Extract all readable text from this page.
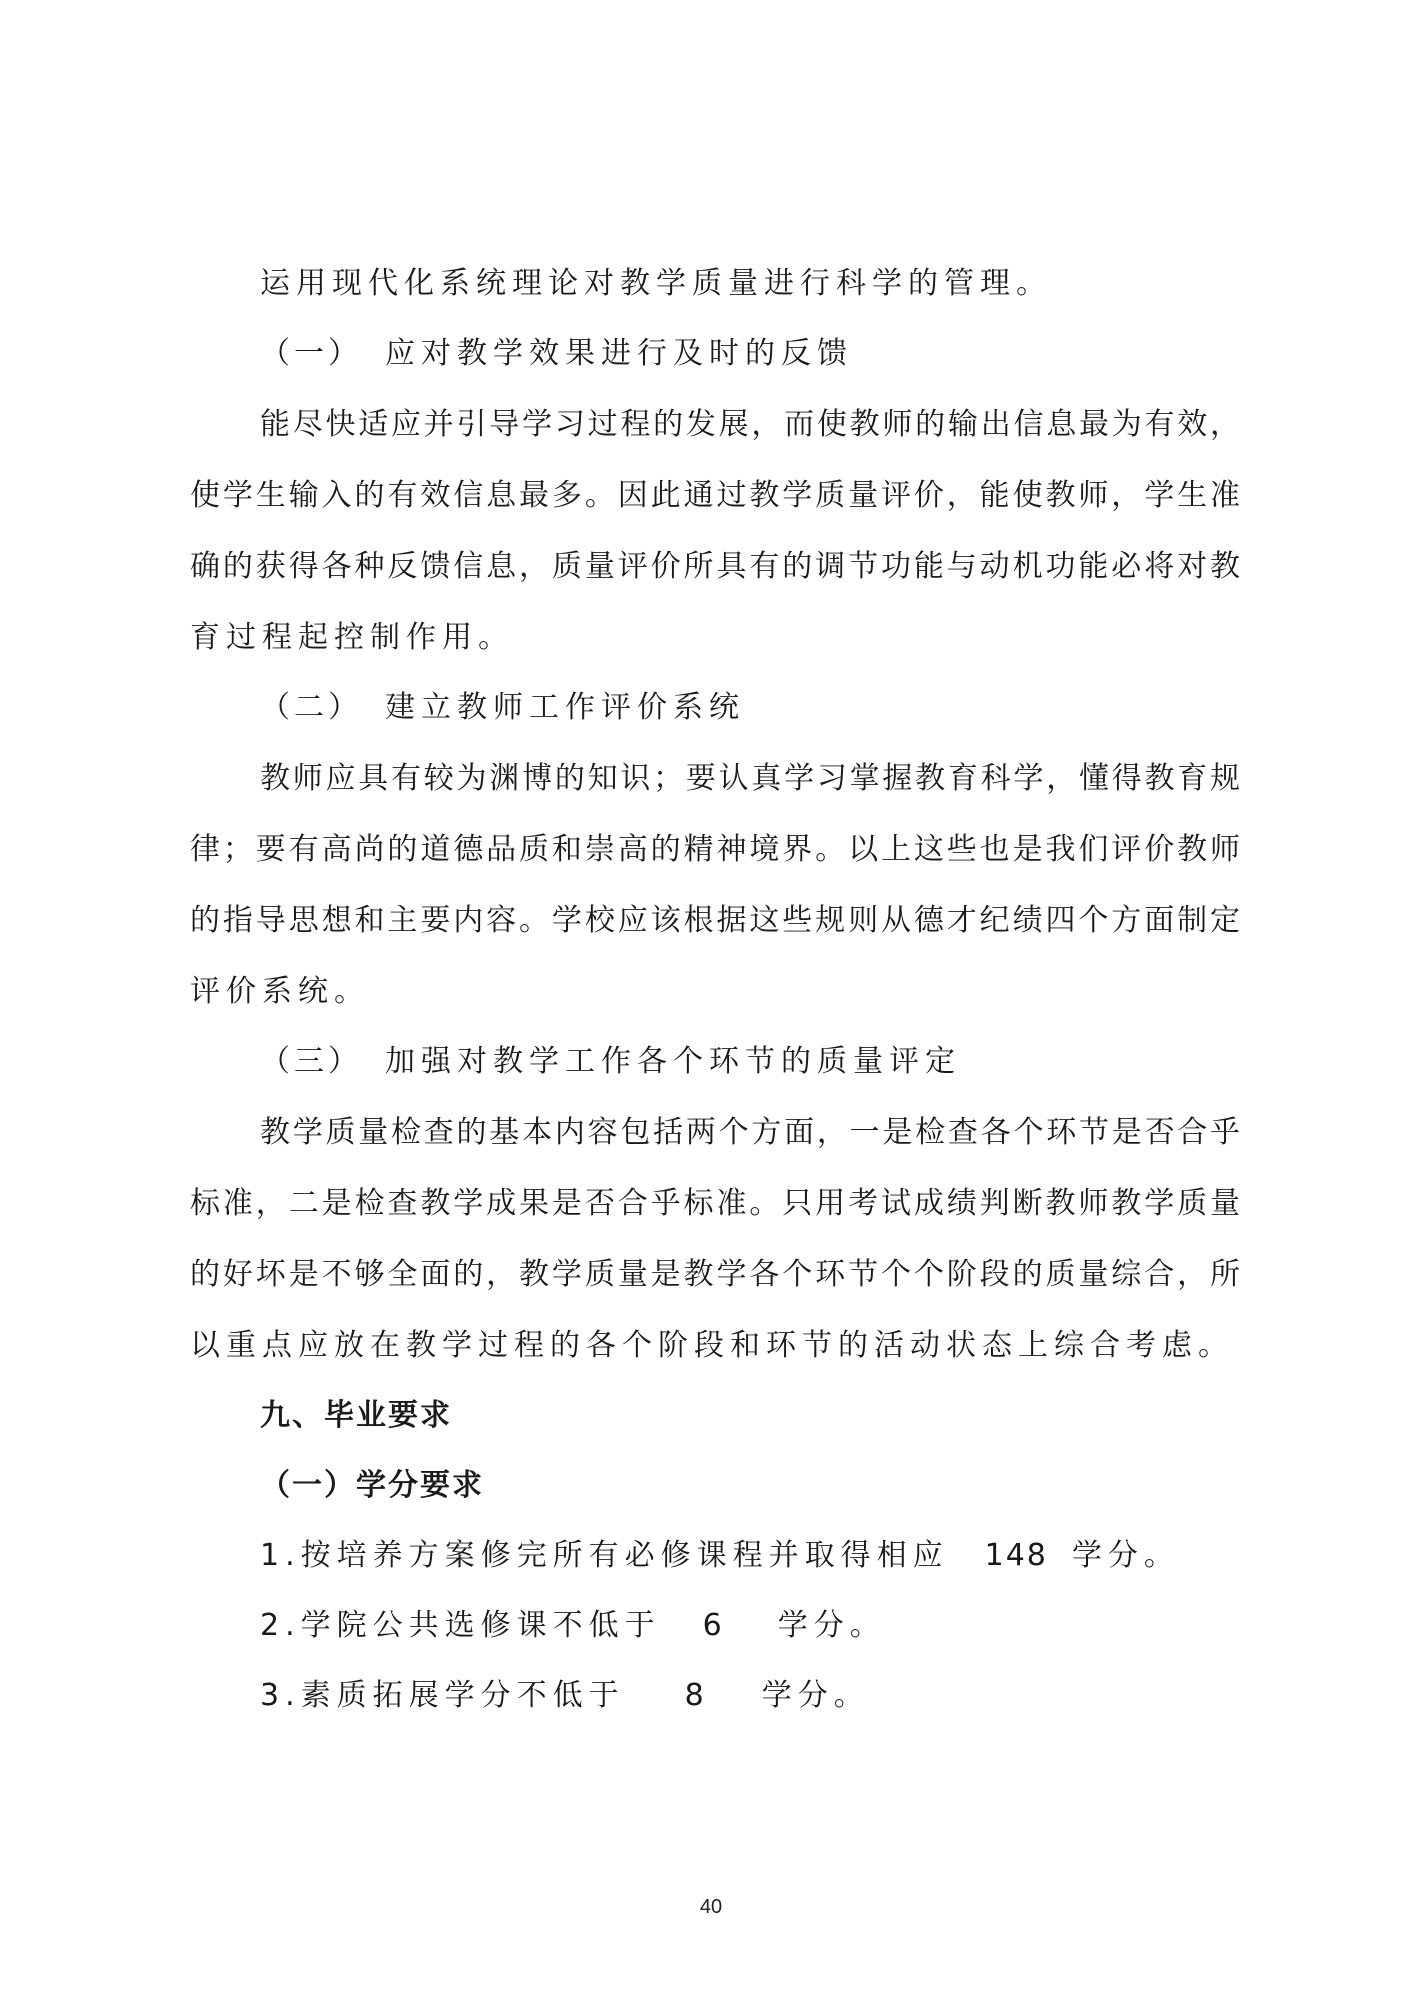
运用现代化系统理论对教学质量进行科学的管理。
（一） 应对教学效果进行及时的反馈
能尽快适应并引导学习过程的发展，而使教师的输出信息最为有效，
使学生输入的有效信息最多。因此通过教学质量评价，能使教师，学生准
确的获得各种反馈信息，质量评价所具有的调节功能与动机功能必将对教
育过程起控制作用。
（二） 建立教师工作评价系统
教师应具有较为渊博的知识；要认真学习掌握教育科学，懂得教育规
律；要有高尚的道德品质和崇高的精神境界。以上这些也是我们评价教师
的指导思想和主要内容。学校应该根据这些规则从德才纪绩四个方面制定
评价系统。
（三） 加强对教学工作各个环节的质量评定
教学质量检查的基本内容包括两个方面，一是检查各个环节是否合乎
标准，二是检查教学成果是否合乎标准。只用考试成绩判断教师教学质量
的好坏是不够全面的，教学质量是教学各个环节个个阶段的质量综合，所
以重点应放在教学过程的各个阶段和环节的活动状态上综合考虑。
九、毕业要求
（一）学分要求
1.按培养方案修完所有必修课程并取得相应 148 学分。
2.学院公共选修课不低于 6 学分。
3.素质拓展学分不低于 8 学分。
40
